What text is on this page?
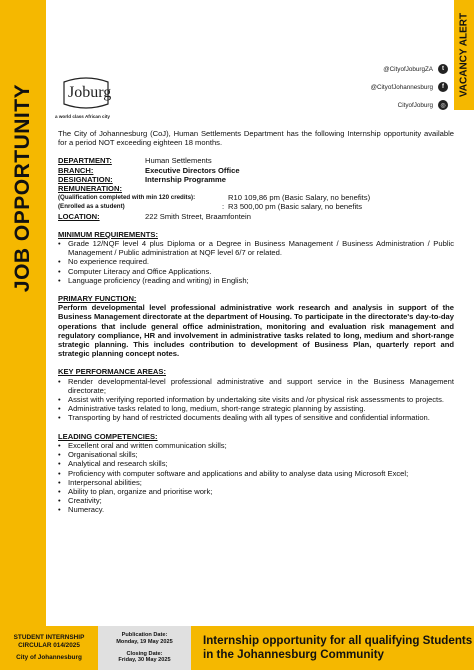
JOB OPPORTUNITY
VACANCY ALERT
Joburg
a world class African city
@CityofJoburgZA	t
@CityofJohannesburg	f
CityofJoburg	◎

The City of Johannesburg (CoJ), Human Settlements Department has the following Internship opportunity available for a period NOT exceeding eighteen 18 months.

DEPARTMENT:	Human Settlements
BRANCH:	Executive Directors Office
DESIGNATION:	Internship Programme
REMUNERATION:
(Qualification completed with min 120 credits):	R10 109,86 pm (Basic Salary, no benefits)
(Enrolled as a student)	: R3 500,00 pm (Basic salary, no benefits
LOCATION:	222 Smith Street, Braamfontein
MINIMUM REQUIREMENTS:
• Grade 12/NQF level 4 plus Diploma or a Degree in Business Management / Business Administration / Public Management / Public administration at NQF level 6/7 or related.
• No experience required.
• Computer Literacy and Office Applications.
• Language proficiency (reading and writing) in English;
PRIMARY FUNCTION:

Perform developmental level professional administrative work research and analysis in support of the Business Management directorate at the department of Housing. To participate in the directorate's day-to-day operations that include general office administration, monitoring and evaluation risk management and regulatory compliance, HR and involvement in administrative tasks related to long, medium and short-range strategic planning. This includes contribution to development of Business Plan, quarterly report and strategic planning concept notes.

KEY PERFORMANCE AREAS:
• Render developmental-level professional administrative and support service in the Business Management directorate;
• Assist with verifying reported information by undertaking site visits and /or physical risk assessments to projects.
• Administrative tasks related to long, medium, short-range strategic planning by assisting.
• Transporting by hand of restricted documents dealing with all types of sensitive and confidential information.
LEADING COMPETENCIES:
• Excellent oral and written communication skills;
• Organisational skills;
• Analytical and research skills;
• Proficiency with computer software and applications and ability to analyse data using Microsoft Excel;
• Interpersonal abilities;
• Ability to plan, organize and prioritise work;
• Creativity;
• Numeracy.
STUDENT INTERNSHIP
CIRCULAR 014/2025
City of Johannesburg
Publication Date:
Monday, 19 May 2025
Closing Date:
Friday, 30 May 2025
Internship opportunity for all qualifying Students in the Johannesburg Community
